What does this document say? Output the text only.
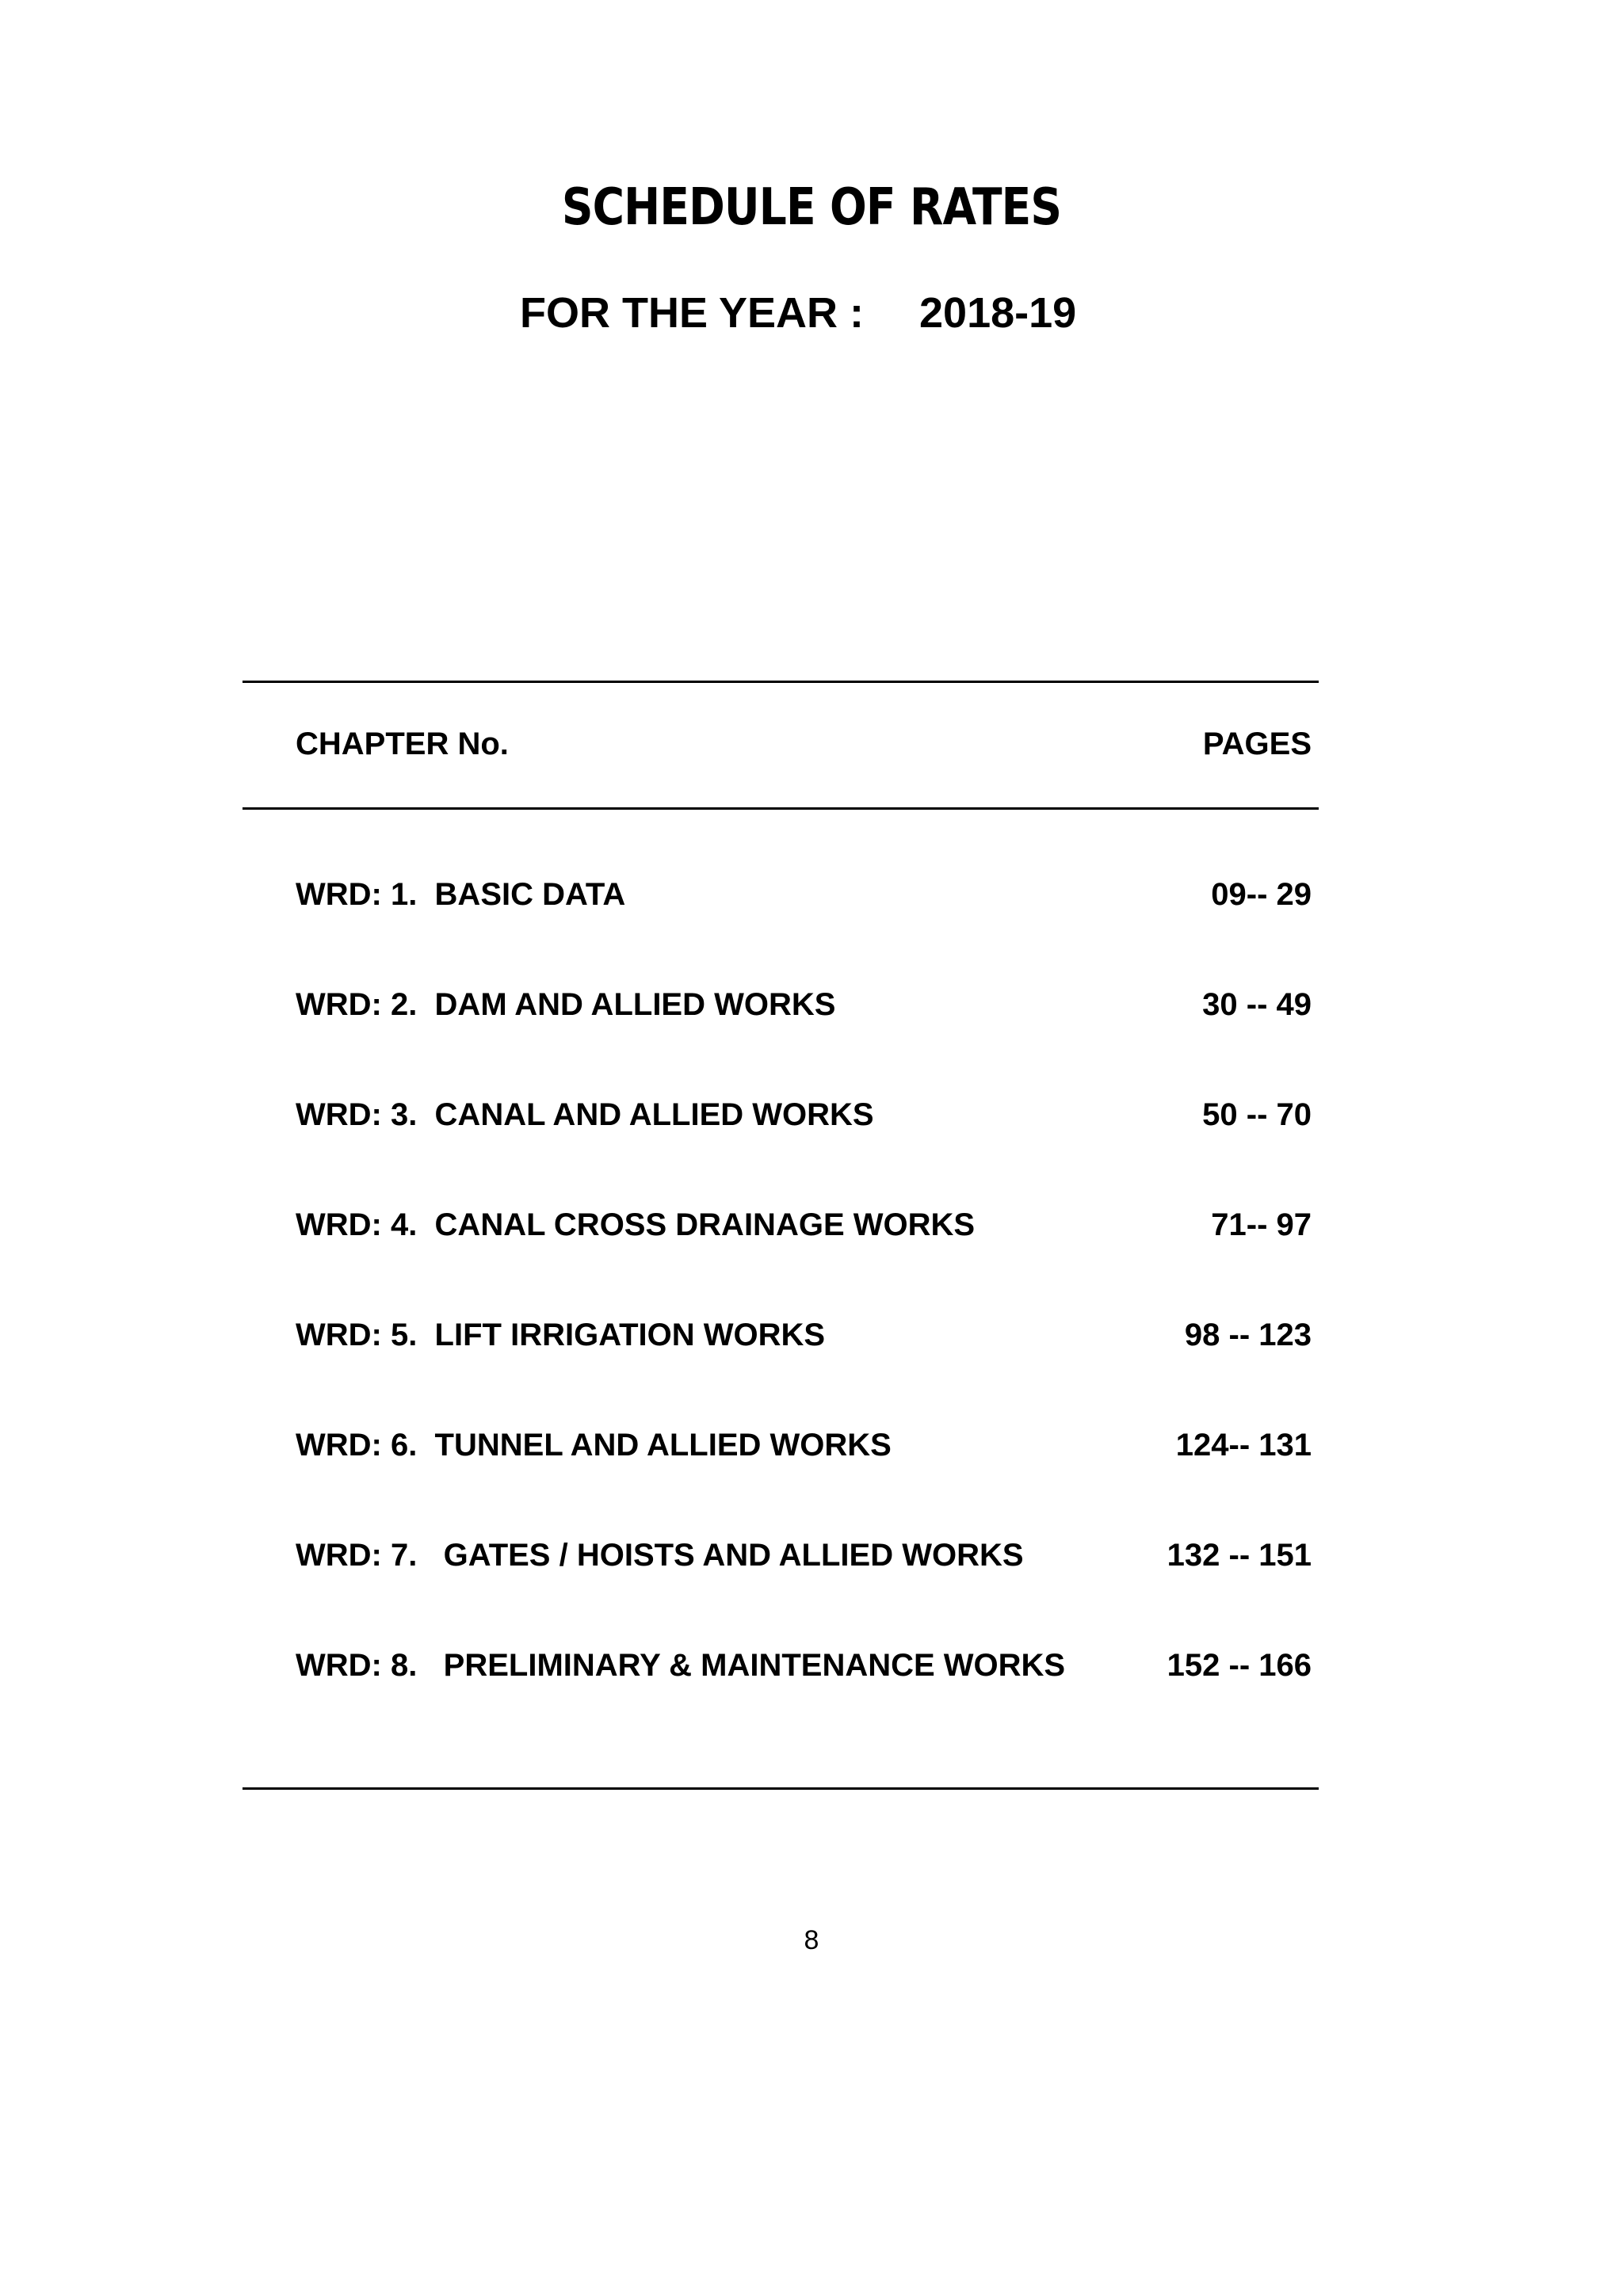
SCHEDULE OF RATES
FOR THE YEAR : 2018-19
CHAPTER No.	PAGES
WRD: 1.  BASIC DATA	09-- 29
WRD: 2.  DAM AND ALLIED WORKS	30 -- 49
WRD: 3.  CANAL AND ALLIED WORKS	50 -- 70
WRD: 4.  CANAL CROSS DRAINAGE WORKS	71-- 97
WRD: 5.  LIFT IRRIGATION WORKS	98 -- 123
WRD: 6.  TUNNEL AND ALLIED WORKS	124-- 131
WRD: 7.   GATES / HOISTS AND ALLIED WORKS	132 -- 151
WRD: 8.   PRELIMINARY & MAINTENANCE WORKS	152 -- 166
8
